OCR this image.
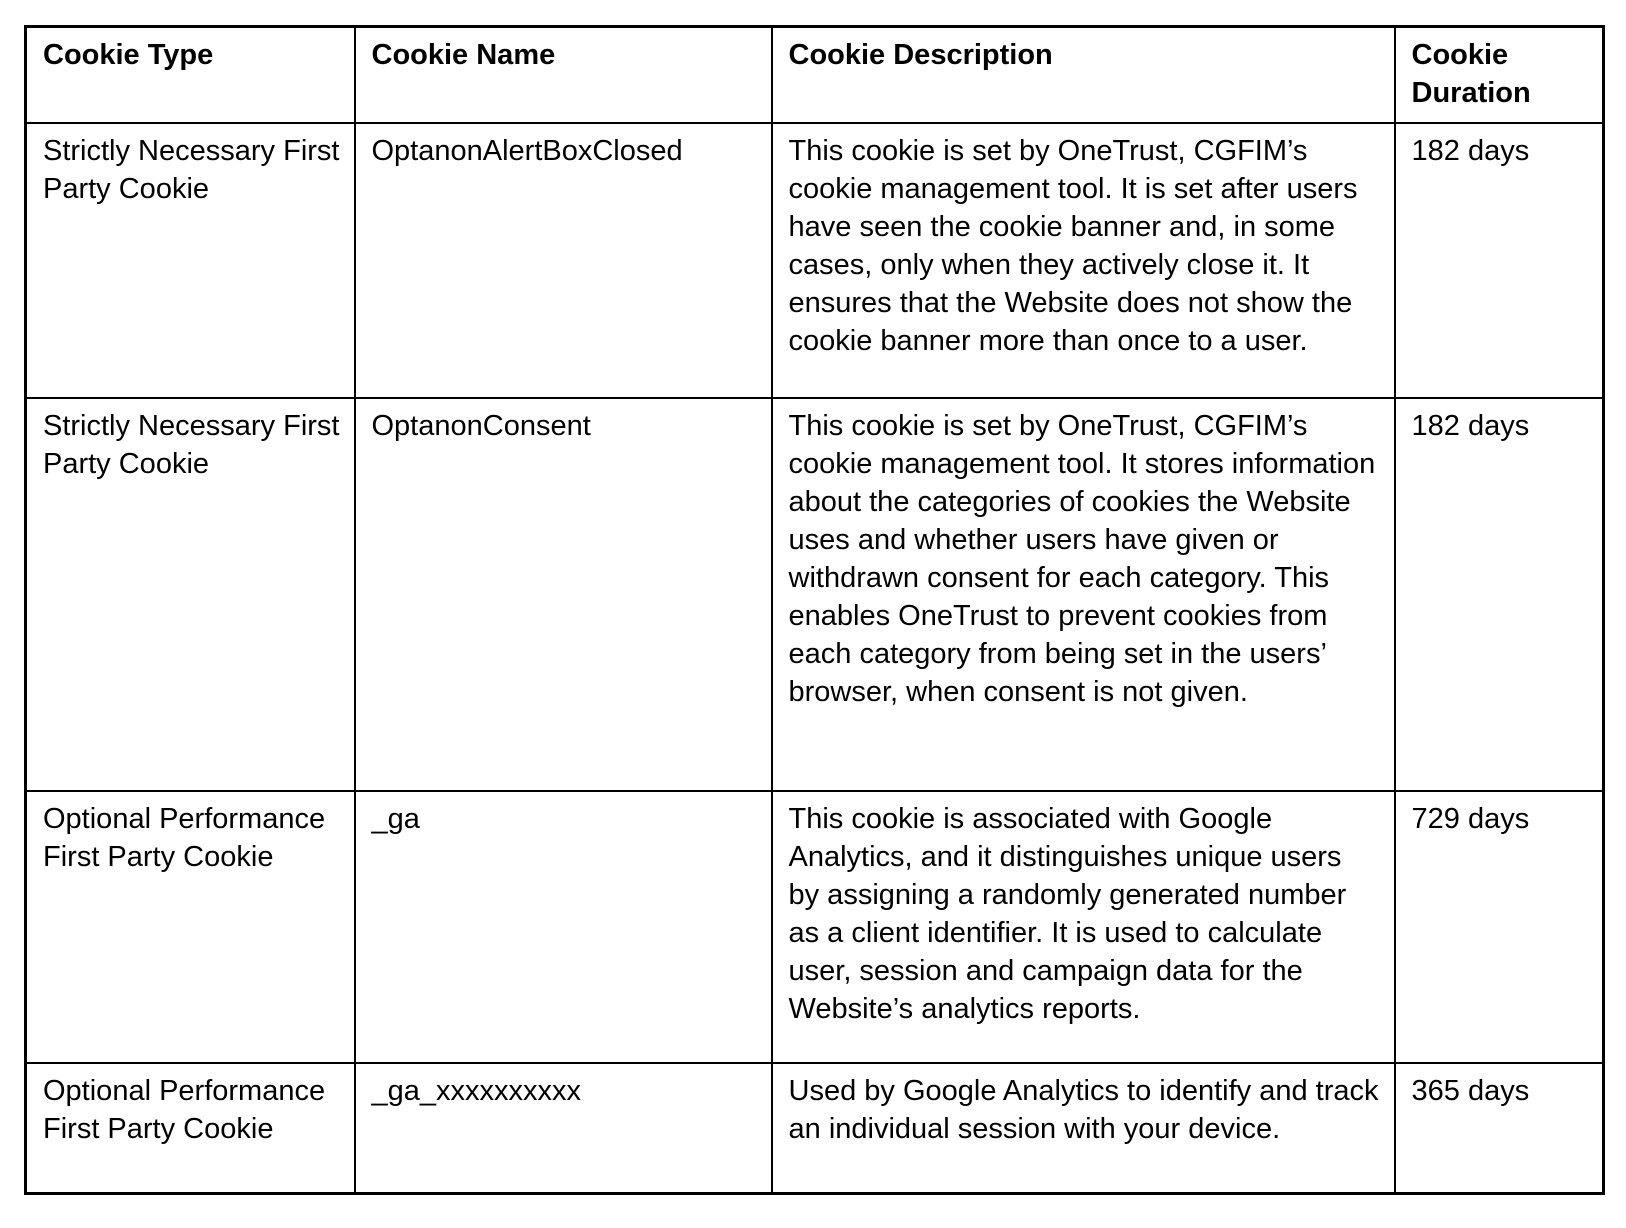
Cookie Type	Cookie Name	Cookie Description	Cookie Duration
Strictly Necessary First Party Cookie	OptanonAlertBoxClosed	This cookie is set by OneTrust, CGFIM’s cookie management tool. It is set after users have seen the cookie banner and, in some cases, only when they actively close it. It ensures that the Website does not show the cookie banner more than once to a user.	182 days
Strictly Necessary First Party Cookie	OptanonConsent	This cookie is set by OneTrust, CGFIM’s cookie management tool. It stores information about the categories of cookies the Website uses and whether users have given or withdrawn consent for each category. This enables OneTrust to prevent cookies from each category from being set in the users’ browser, when consent is not given.	182 days
Optional Performance First Party Cookie	_ga	This cookie is associated with Google Analytics, and it distinguishes unique users by assigning a randomly generated number as a client identifier. It is used to calculate user, session and campaign data for the Website’s analytics reports.	729 days
Optional Performance First Party Cookie	_ga_xxxxxxxxxx	Used by Google Analytics to identify and track an individual session with your device.	365 days
